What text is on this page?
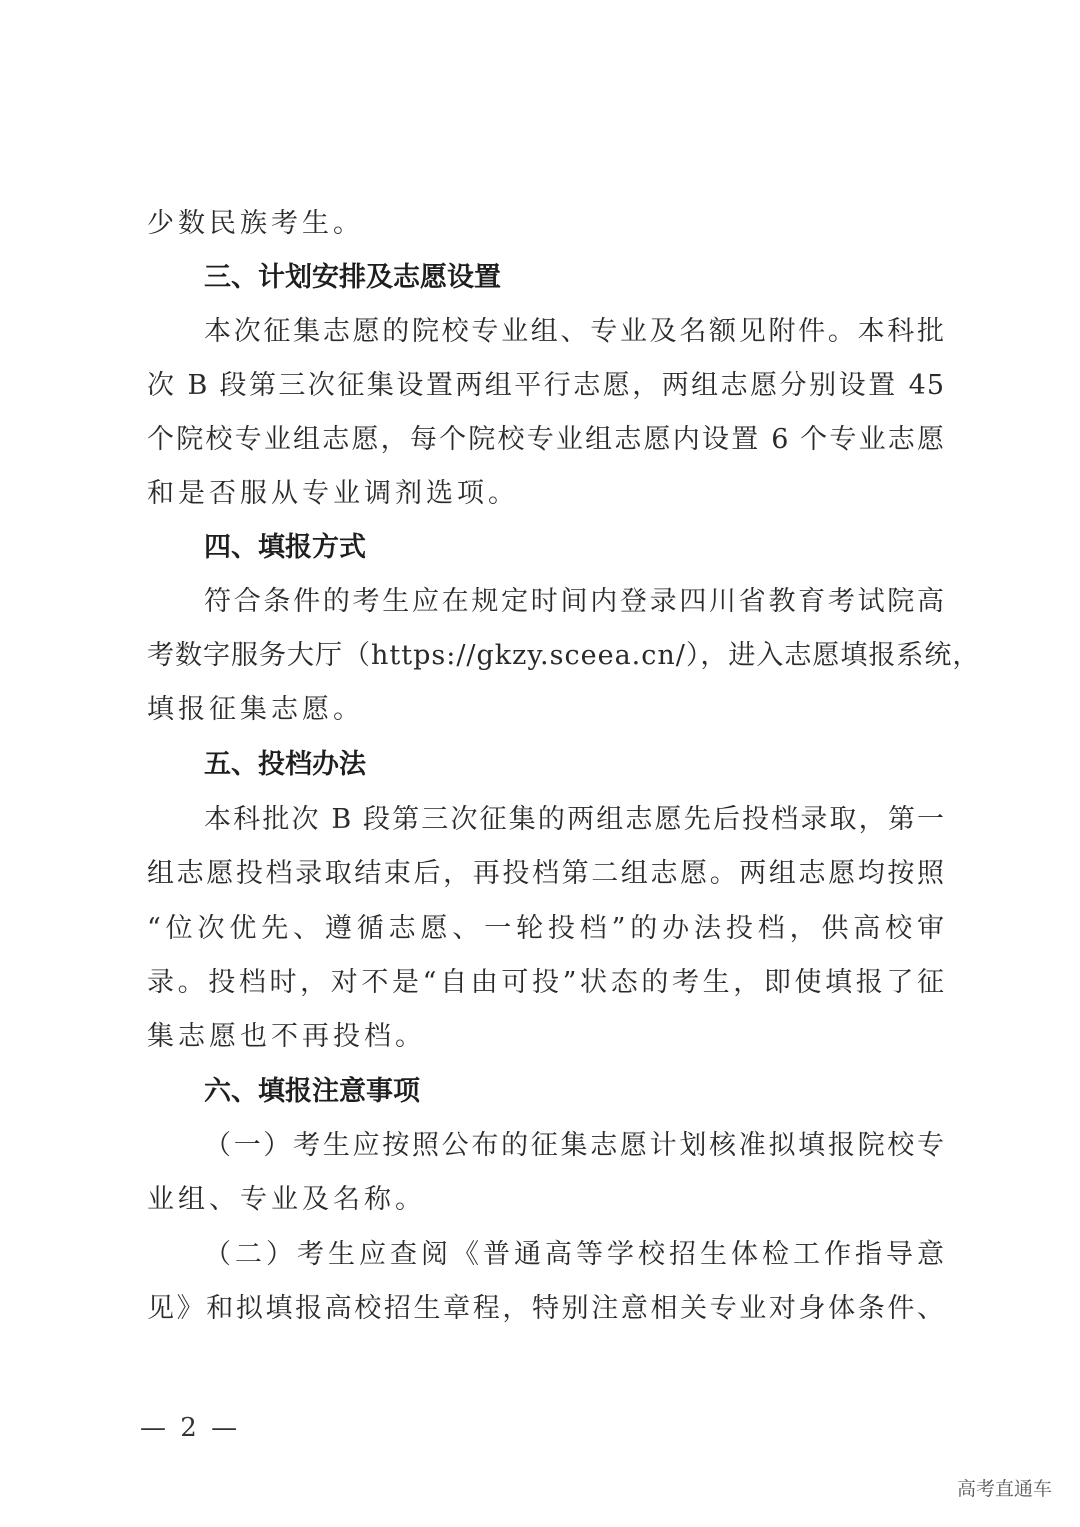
少数民族考生。
三、计划安排及志愿设置
本次征集志愿的院校专业组、专业及名额见附件。本科批
次 B 段第三次征集设置两组平行志愿，两组志愿分别设置 45
个院校专业组志愿，每个院校专业组志愿内设置 6 个专业志愿
和是否服从专业调剂选项。
四、填报方式
符合条件的考生应在规定时间内登录四川省教育考试院高
考数字服务大厅（https://gkzy.sceea.cn/），进入志愿填报系统，
填报征集志愿。
五、投档办法
本科批次 B 段第三次征集的两组志愿先后投档录取，第一
组志愿投档录取结束后，再投档第二组志愿。两组志愿均按照
“位次优先、遵循志愿、一轮投档”的办法投档，供高校审
录。投档时，对不是“自由可投”状态的考生，即使填报了征
集志愿也不再投档。
六、填报注意事项
（一）考生应按照公布的征集志愿计划核准拟填报院校专
业组、专业及名称。
（二）考生应查阅《普通高等学校招生体检工作指导意
见》和拟填报高校招生章程，特别注意相关专业对身体条件、
— 2 —
高考直通车
